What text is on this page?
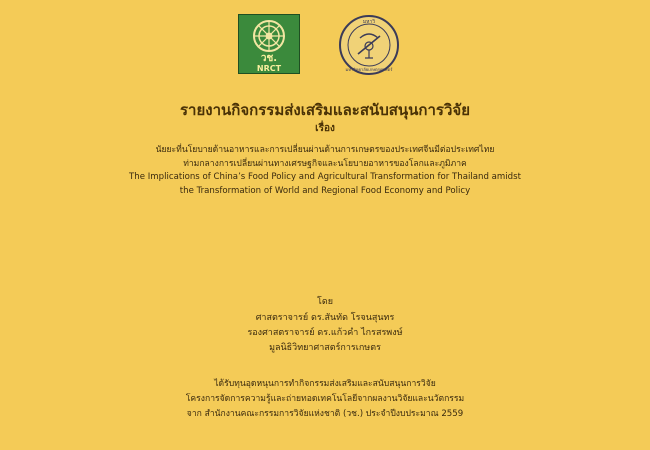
วช.
NRCT
มหาวิ
มหาวิทยาลัยเกษตรศาสตร์
รายงานกิจกรรมส่งเสริมและสนับสนุนการวิจัย
เรื่อง
นัยยะที่นโยบายด้านอาหารและการเปลี่ยนผ่านด้านการเกษตรของประเทศจีนมีต่อประเทศไทย
ท่ามกลางการเปลี่ยนผ่านทางเศรษฐกิจและนโยบายอาหารของโลกและภูมิภาค
The Implications of China’s Food Policy and Agricultural Transformation for Thailand amidst
the Transformation of World and Regional Food Economy and Policy
โดย
ศาสตราจารย์ ดร.สันทัด โรจนสุนทร
รองศาสตราจารย์ ดร.แก้วคำ ไกรสรพงษ์
มูลนิธิวิทยาศาสตร์การเกษตร
ได้รับทุนอุดหนุนการทำกิจกรรมส่งเสริมและสนับสนุนการวิจัย
โครงการจัดการความรู้และถ่ายทอดเทคโนโลยีจากผลงานวิจัยและนวัตกรรม
จาก สำนักงานคณะกรรมการวิจัยแห่งชาติ (วช.) ประจำปีงบประมาณ 2559
